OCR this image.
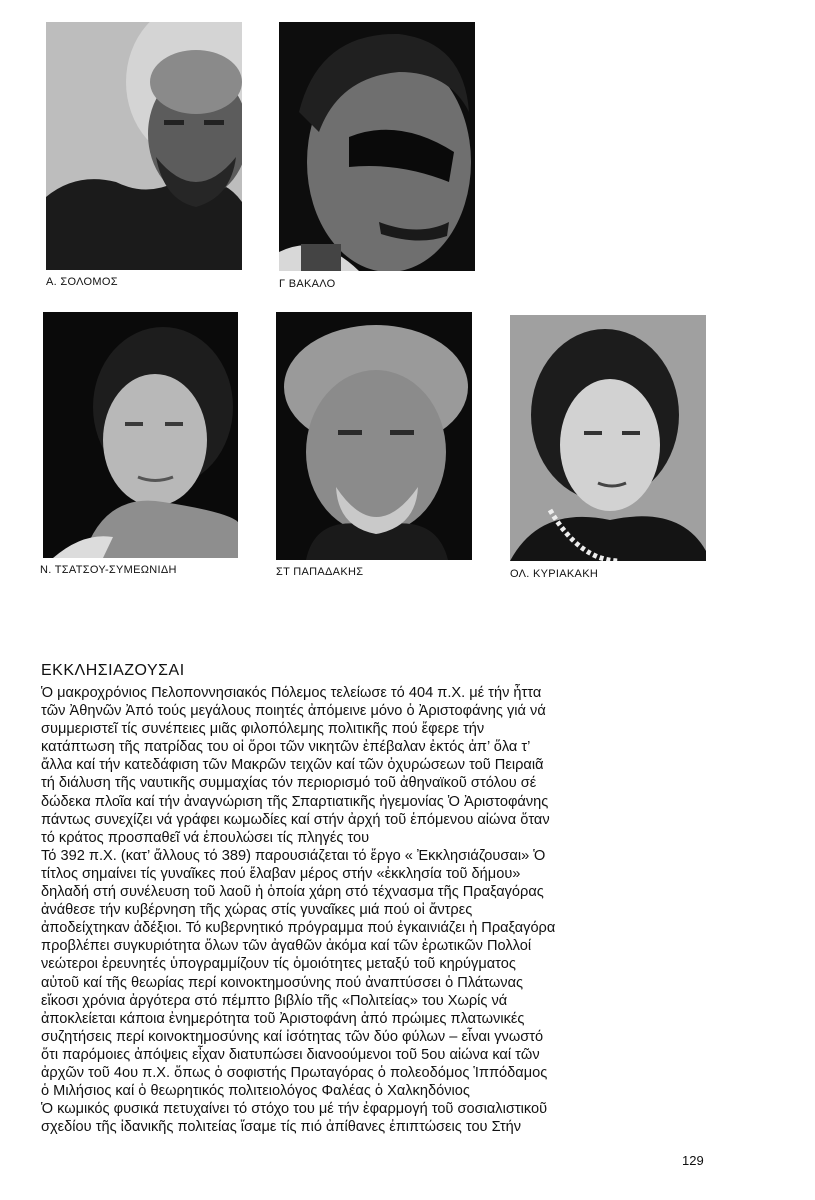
Α. ΣΟΛΟΜΟΣ	Γ ΒΑΚΑΛΟ
Ν. ΤΣΑΤΣΟΥ-ΣΥΜΕΩΝΙΔΗ	ΣΤ ΠΑΠΑΔΑΚΗΣ	ΟΛ. ΚΥΡΙΑΚΑΚΗ
ΕΚΚΛΗΣΙΑΖΟΥΣΑΙ
Ὁ μακροχρόνιος Πελοποννησιακός Πόλεμος τελείωσε τό 404 π.Χ. μέ τήν ἧττα
τῶν Ἀθηνῶν Ἀπό τούς μεγάλους ποιητές ἀπόμεινε μόνο ὁ Ἀριστοφάνης γιά νά
συμμεριστεῖ τίς συνέπειες μιᾶς φιλοπόλεμης πολιτικῆς πού ἔφερε τήν
κατάπτωση τῆς πατρίδας του οἱ ὅροι τῶν νικητῶν ἐπέβαλαν ἐκτός ἀπ’ ὅλα τ’
ἄλλα καί τήν κατεδάφιση τῶν Μακρῶν τειχῶν καί τῶν ὀχυρώσεων τοῦ Πειραιᾶ
τή διάλυση τῆς ναυτικῆς συμμαχίας τόν περιορισμό τοῦ ἀθηναϊκοῦ στόλου σέ
δώδεκα πλοῖα καί τήν ἀναγνώριση τῆς Σπαρτιατικῆς ἡγεμονίας Ὁ Ἀριστοφάνης
πάντως συνεχίζει νά γράφει κωμωδίες καί στήν ἀρχή τοῦ ἑπόμενου αἰώνα ὅταν
τό κράτος προσπαθεῖ νά ἐπουλώσει τίς πληγές του
Τό 392 π.Χ. (κατ’ ἄλλους τό 389) παρουσιάζεται τό ἔργο « Ἐκκλησιάζουσαι» Ὁ
τίτλος σημαίνει τίς γυναῖκες πού ἔλαβαν μέρος στήν «ἐκκλησία τοῦ δήμου»
δηλαδή στή συνέλευση τοῦ λαοῦ ἡ ὁποία χάρη στό τέχνασμα τῆς Πραξαγόρας
ἀνάθεσε τήν κυβέρνηση τῆς χώρας στίς γυναῖκες μιά πού οἱ ἄντρες
ἀποδείχτηκαν ἀδέξιοι. Τό κυβερνητικό πρόγραμμα πού ἐγκαινιάζει ἡ Πραξαγόρα
προβλέπει συγκυριότητα ὅλων τῶν ἀγαθῶν ἀκόμα καί τῶν ἐρωτικῶν Πολλοί
νεώτεροι ἐρευνητές ὑπογραμμίζουν τίς ὁμοιότητες μεταξύ τοῦ κηρύγματος
αὐτοῦ καί τῆς θεωρίας περί κοινοκτημοσύνης πού ἀναπτύσσει ὁ Πλάτωνας
εἴκοσι χρόνια ἀργότερα στό πέμπτο βιβλίο τῆς «Πολιτείας» του Χωρίς νά
ἀποκλείεται κάποια ἐνημερότητα τοῦ Ἀριστοφάνη ἀπό πρώιμες πλατωνικές
συζητήσεις περί κοινοκτημοσύνης καί ἰσότητας τῶν δύο φύλων – εἶναι γνωστό
ὅτι παρόμοιες ἀπόψεις εἶχαν διατυπώσει διανοούμενοι τοῦ 5ου αἰώνα καί τῶν
ἀρχῶν τοῦ 4ου π.Χ. ὅπως ὁ σοφιστής Πρωταγόρας ὁ πολεοδόμος Ἱππόδαμος
ὁ Μιλήσιος καί ὁ θεωρητικός πολιτειολόγος Φαλέας ὁ Χαλκηδόνιος
Ὁ κωμικός φυσικά πετυχαίνει τό στόχο του μέ τήν ἐφαρμογή τοῦ σοσιαλιστικοῦ
σχεδίου τῆς ἰδανικῆς πολιτείας ἴσαμε τίς πιό ἀπίθανες ἐπιπτώσεις του Στήν
129
